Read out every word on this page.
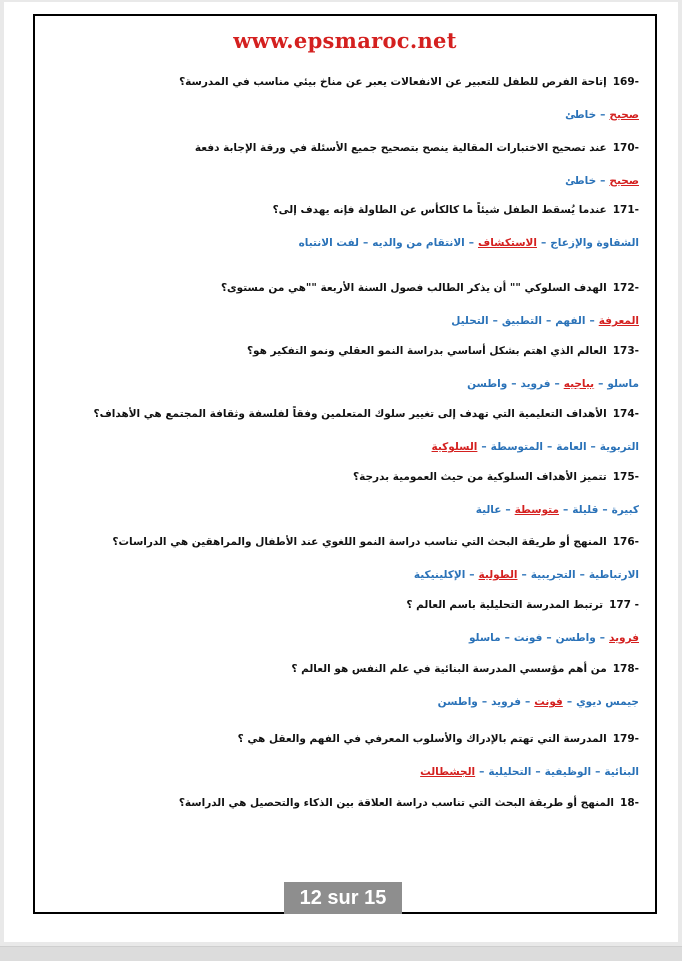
www.epsmaroc.net
169-إتاحة الفرص للطفل للتعبير عن الانفعالات يعبر عن مناخ بيئي مناسب في المدرسة؟
صحيح–خاطئ
170-عند تصحيح الاختبارات المقالية ينصح بتصحيح جميع الأسئلة في ورقة الإجابة دفعة
صحيح–خاطئ
171-عندما يُسقط الطفل شيئاً ما كالكأس عن الطاولة فإنه يهدف إلى؟
الشقاوة والإزعاج–الاستكشاف–الانتقام من والديه–لفت الانتباه
172-الهدف السلوكي "" أن يذكر الطالب فصول السنة الأربعة ""هي من مستوى؟
المعرفة–الفهم–التطبيق–التحليل
173-العالم الذي اهتم بشكل أساسي بدراسة النمو العقلي ونمو التفكير هو؟
ماسلو–بياجيه–فرويد–واطسن
174-الأهداف التعليمية التي تهدف إلى تغيير سلوك المتعلمين وفقاً لفلسفة وثقافة المجتمع هي الأهداف؟
التربوية–العامة–المتوسطة–السلوكية
175-تتميز الأهداف السلوكية من حيث العمومية بدرجة؟
كبيرة–قليلة–متوسطة–عالية
176-المنهج أو طريقة البحث التي تناسب دراسة النمو اللغوي عند الأطفال والمراهقين هي الدراسات؟
الارتباطية–التجريبية–الطولية–الإكلينيكية
177 -ترتبط المدرسة التحليلية باسم العالم ؟
فرويد–واطسن–فونت–ماسلو
178-من أهم مؤسسي المدرسة البنائية في علم النفس هو العالم ؟
جيمس ديوي–فونت–فرويد–واطسن
179-المدرسة التي تهتم بالإدراك والأسلوب المعرفي في الفهم والعقل هي ؟
البنائية–الوظيفية–التحليلية–الجشطالت
18-المنهج أو طريقة البحث التي تناسب دراسة العلاقة بين الذكاء والتحصيل هي الدراسة؟
12 sur 15
